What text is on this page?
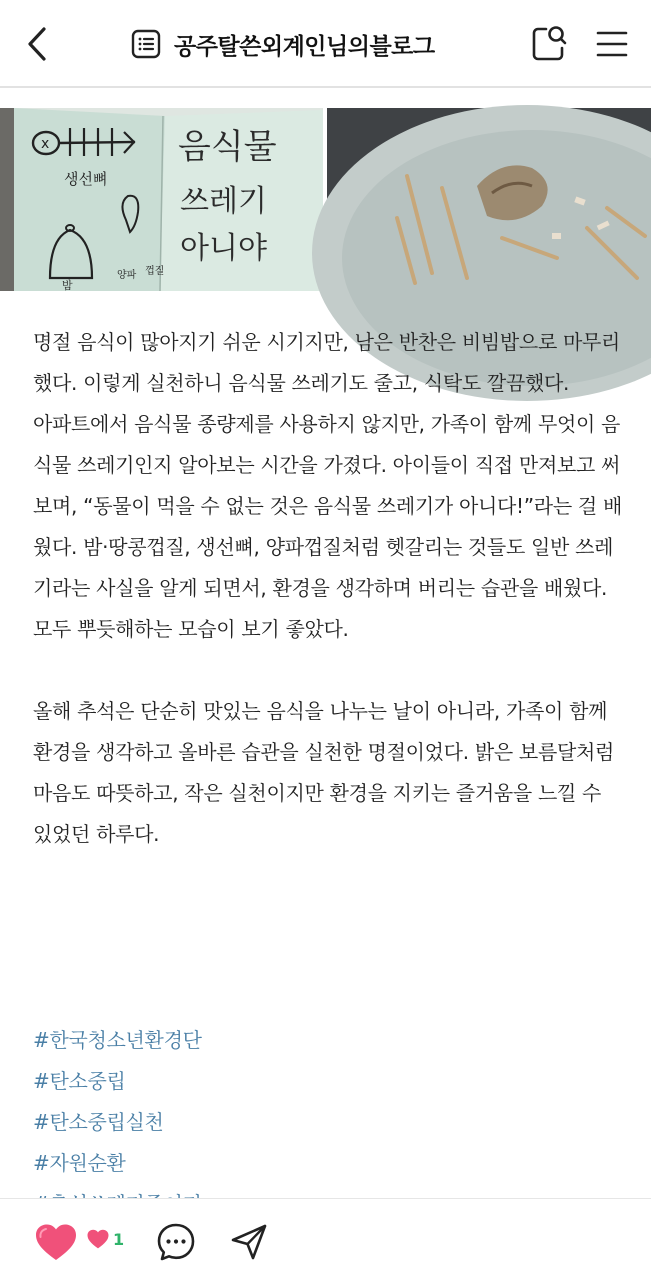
공주탈쓴외계인님의블로그
x
생선뼈
밤
양파 껍질
음식물
쓰레기
아니야

명절 음식이 많아지기 쉬운 시기지만, 남은 반찬은 비빔밥으로 마무리했다. 이렇게 실천하니 음식물 쓰레기도 줄고, 식탁도 깔끔했다.

아파트에서 음식물 종량제를 사용하지 않지만, 가족이 함께 무엇이 음식물 쓰레기인지 알아보는 시간을 가졌다. 아이들이 직접 만져보고 써보며, “동물이 먹을 수 없는 것은 음식물 쓰레기가 아니다!”라는 걸 배웠다. 밤·땅콩껍질, 생선뼈, 양파껍질처럼 헷갈리는 것들도 일반 쓰레기라는 사실을 알게 되면서, 환경을 생각하며 버리는 습관을 배웠다. 모두 뿌듯해하는 모습이 보기 좋았다.

올해 추석은 단순히 맛있는 음식을 나누는 날이 아니라, 가족이 함께 환경을 생각하고 올바른 습관을 실천한 명절이었다. 밝은 보름달처럼 마음도 따뜻하고, 작은 실천이지만 환경을 지키는 즐거움을 느낄 수 있었던 하루다.

#한국청소년환경단
#탄소중립
#탄소중립실천
#자원순환
1
